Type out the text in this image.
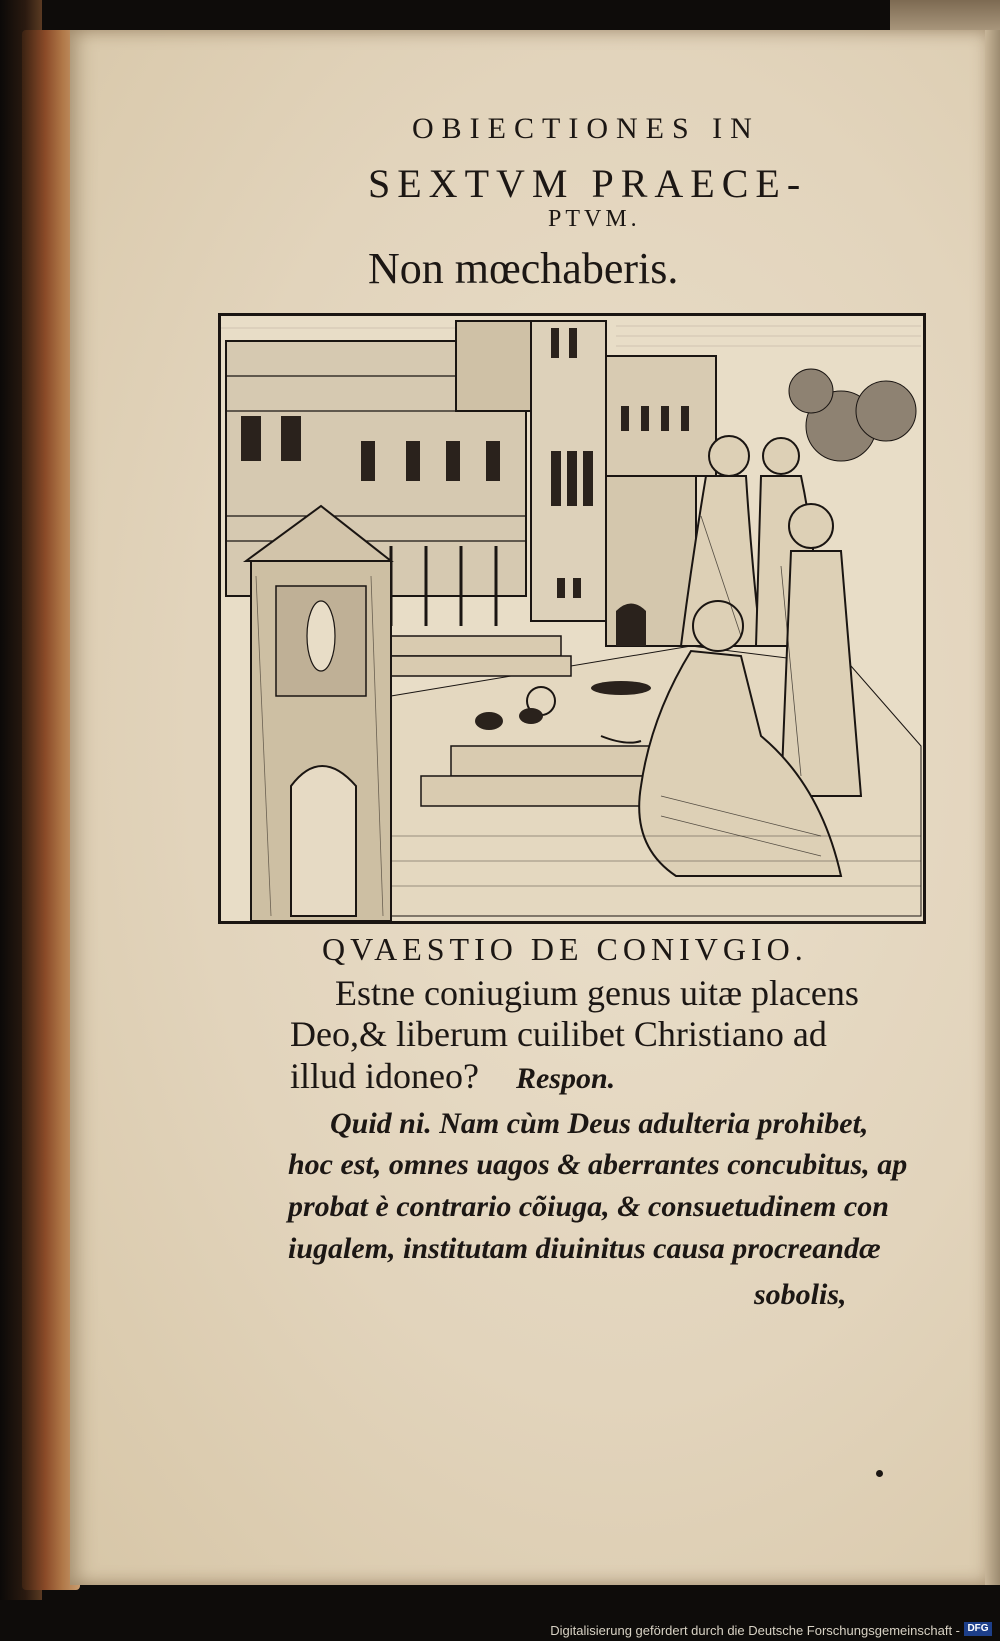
OBIECTIONES IN
SEXTVM PRAECE-
PTVM.
Non mœchaberis.
QVAESTIO DE CONIVGIO.
Estne coniugium genus uitæ placens
Deo,& liberum cuilibet Christiano ad
illud idoneo? Respon.
Quid ni. Nam cùm Deus adulteria prohibet,
hoc est, omnes uagos & aberrantes concubitus, ap
probat è contrario cõiuga, & consuetudinem con
iugalem, institutam diuinitus causa procreandæ
sobolis,
Digitalisierung gefördert durch die Deutsche Forschungsgemeinschaft - DFG
